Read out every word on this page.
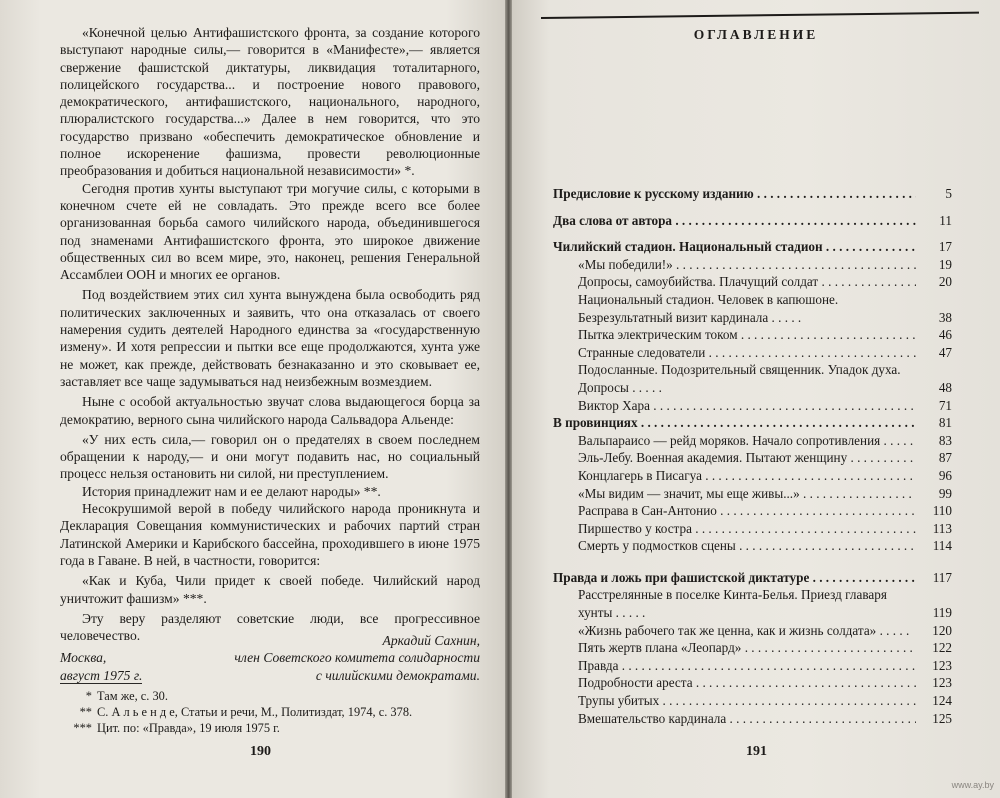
«Конечной целью Антифашистского фронта, за создание которого выступают народные силы,— говорится в «Манифесте»,— является свержение фашистской диктатуры, ликвидация тоталитарного, полицейского государства... и построение нового правового, демократического, антифашистского, национального, народного, плюралистского государства...» Далее в нем говорится, что это государство призвано «обеспечить демократическое обновление и полное искоренение фашизма, провести революционные преобразования и добиться национальной независимости» *.

Сегодня против хунты выступают три могучие силы, с которыми в конечном счете ей не совладать. Это прежде всего все более организованная борьба самого чилийского народа, объединившегося под знаменами Антифашистского фронта, это широкое движение общественных сил во всем мире, это, наконец, решения Генеральной Ассамблеи ООН и многих ее органов.

Под воздействием этих сил хунта вынуждена была освободить ряд политических заключенных и заявить, что она отказалась от своего намерения судить деятелей Народного единства за «государственную измену». И хотя репрессии и пытки все еще продолжаются, хунта уже не может, как прежде, действовать безнаказанно и это сковывает ее, заставляет все чаще задумываться над неизбежным возмездием.

Ныне с особой актуальностью звучат слова выдающегося борца за демократию, верного сына чилийского народа Сальвадора Альенде:

«У них есть сила,— говорил он о предателях в своем последнем обращении к народу,— и они могут подавить нас, но социальный процесс нельзя остановить ни силой, ни преступлением.

История принадлежит нам и ее делают народы» **.

Несокрушимой верой в победу чилийского народа проникнута и Декларация Совещания коммунистических и рабочих партий стран Латинской Америки и Карибского бассейна, проходившего в июне 1975 года в Гаване. В ней, в частности, говорится:

«Как и Куба, Чили придет к своей победе. Чилийский народ уничтожит фашизм» ***.

Эту веру разделяют советские люди, все прогрессивное человечество.	Аркадий Сахнин,
Москва,	член Советского комитета солидарности
август 1975 г.	с чилийскими демократами.
* Там же, с. 30.
** С. А л ь е н д е, Статьи и речи, М., Политиздат, 1974, с. 378.
*** Цит. по: «Правда», 19 июля 1975 г.
190
ОГЛАВЛЕНИЕ
Предисловие к русскому изданию . . .	5
Два слова от автора . . .	11
Чилийский стадион. Национальный стадион . . .	17
«Мы победили!» . . .	19
Допросы, самоубийства. Плачущий солдат . . .	20
Национальный стадион. Человек в капюшоне. Безрезультатный визит кардинала . . .	38
Пытка электрическим током . . .	46
Странные следователи . . .	47
Подосланные. Подозрительный священник. Упадок духа. Допросы . . .	48
Виктор Хара . . .	71
В провинциях . . .	81
Вальпараисо — рейд моряков. Начало сопротивления . . .	83
Эль-Лебу. Военная академия. Пытают женщину . . .	87
Концлагерь в Писагуа . . .	96
«Мы видим — значит, мы еще живы...» . . .	99
Расправа в Сан-Антонио . . .	110
Пиршество у костра . . .	113
Смерть у подмостков сцены . . .	114
Правда и ложь при фашистской диктатуре . . .	117
Расстрелянные в поселке Кинта-Белья. Приезд главаря хунты . . .	119
«Жизнь рабочего так же ценна, как и жизнь солдата» . . .	120
Пять жертв плана «Леопард» . . .	122
Правда . . .	123
Подробности ареста . . .	123
Трупы убитых . . .	124
Вмешательство кардинала . . .	125
191
www.ay.by
